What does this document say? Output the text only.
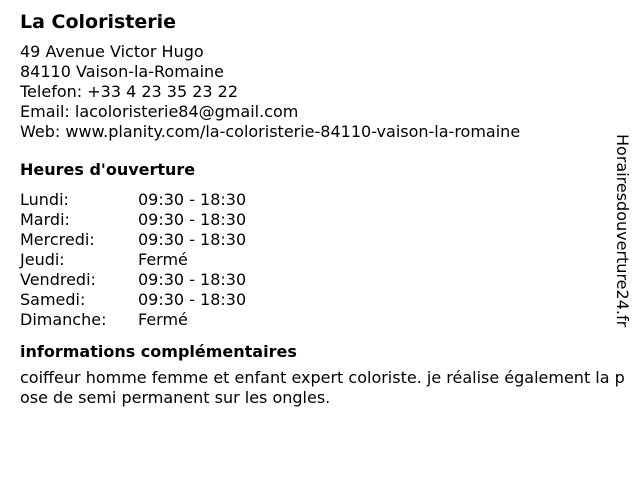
La Coloristerie
49 Avenue Victor Hugo
84110 Vaison-la-Romaine
Telefon: +33 4 23 35 23 22
Email: lacoloristerie84@gmail.com
Web: www.planity.com/la-coloristerie-84110-vaison-la-romaine
Heures d'ouverture
Lundi:	09:30 - 18:30
Mardi:	09:30 - 18:30
Mercredi:	09:30 - 18:30
Jeudi:	Fermé
Vendredi:	09:30 - 18:30
Samedi:	09:30 - 18:30
Dimanche:	Fermé
informations complémentaires
coiffeur homme femme et enfant expert coloriste. je réalise également la pose de semi permanent sur les ongles.
Horairesdouverture24.fr
